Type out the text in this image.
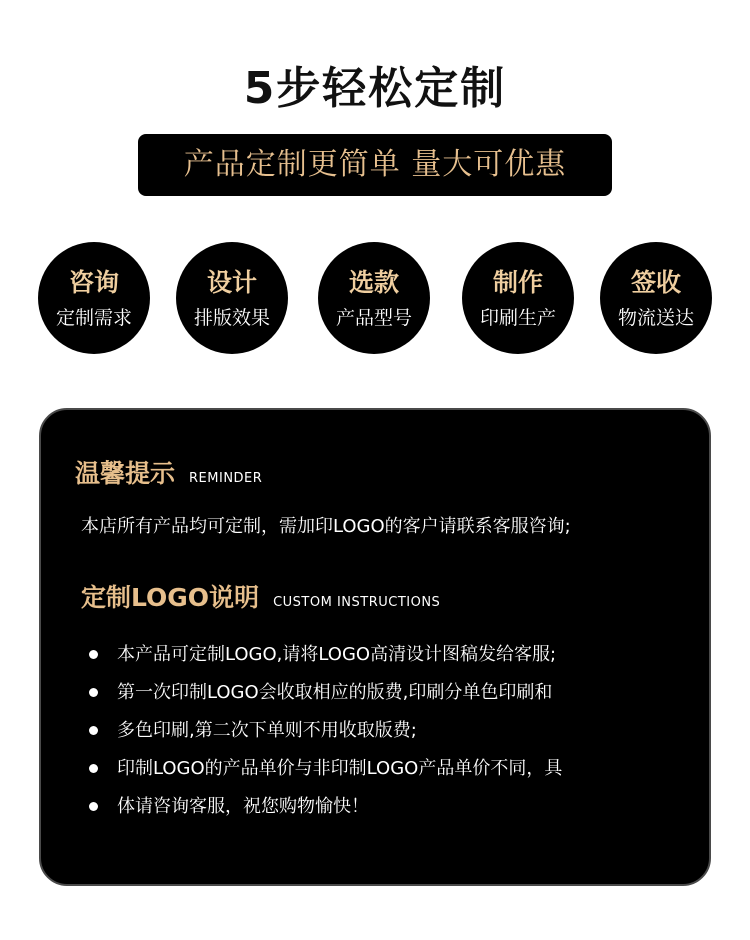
5步轻松定制
产品定制更简单 量大可优惠
咨询
定制需求
设计
排版效果
选款
产品型号
制作
印刷生产
签收
物流送达
温馨提示 REMINDER
本店所有产品均可定制，需加印LOGO的客户请联系客服咨询;
定制LOGO说明 CUSTOM INSTRUCTIONS
本产品可定制LOGO,请将LOGO高清设计图稿发给客服;
第一次印制LOGO会收取相应的版费,印刷分单色印刷和
多色印刷,第二次下单则不用收取版费;
印制LOGO的产品单价与非印制LOGO产品单价不同，具
体请咨询客服，祝您购物愉快！
